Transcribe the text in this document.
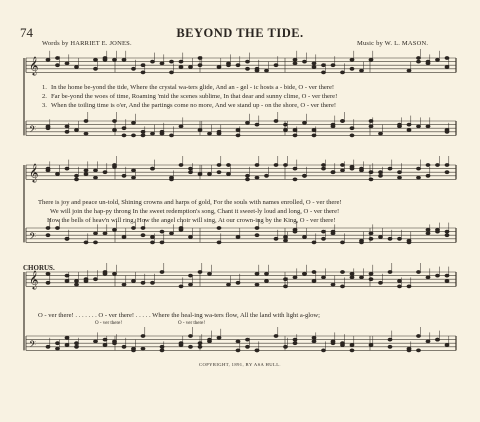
𝄞
𝄢
𝄞
𝄢
𝄞
𝄢
74	BEYOND THE TIDE.
Words by HARRIET E. JONES.	Music by W. L. MASON.
1. In the home be-yond the tide, Where the crystal wa-ters glide, And an - gel - ic hosts a - bide, O - ver there!
2. Far be-yond the woes of time, Roaming 'mid the scenes sublime, In that dear and sunny clime, O - ver there!
3. When the toiling time is o'er, And the partings come no more, And we stand up - on the shore, O - ver there!
There is joy and peace un-told, Shining crowns and harps of gold, For the souls with names enrolled, O - ver there!
We will join the hap-py throng In the sweet redemption's song, Chant it sweet-ly loud and long, O - ver there!
How the bells of heav'n will ring, How the angel choir will sing, At our crown-ing by the King, O - ver there!
CHORUS.
O - ver there! . . . . . . . O - ver there! . . . . . Where the heal-ing wa-ters flow, All the land with light a-glow;
O - ver there!	O - ver there!
COPYRIGHT, 1891, BY ASA HULL.
